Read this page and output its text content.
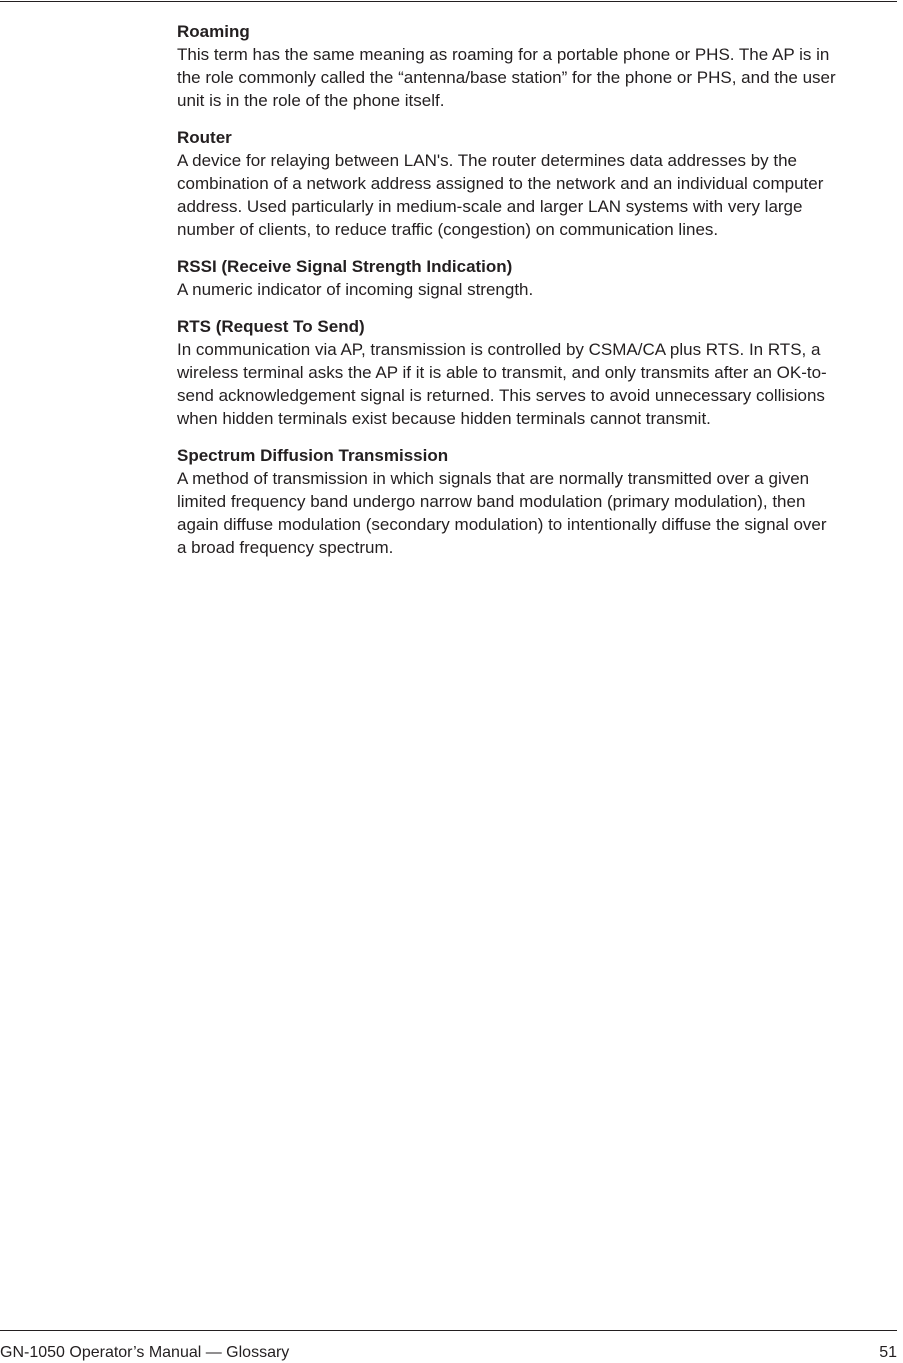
Roaming

This term has the same meaning as roaming for a portable phone or PHS. The AP is in
the role commonly called the “antenna/base station” for the phone or PHS, and the user
unit is in the role of the phone itself.

Router

A device for relaying between LAN's. The router determines data addresses by the
combination of a network address assigned to the network and an individual computer
address. Used particularly in medium-scale and larger LAN systems with very large
number of clients, to reduce traffic (congestion) on communication lines.

RSSI (Receive Signal Strength Indication)

A numeric indicator of incoming signal strength.

RTS (Request To Send)

In communication via AP, transmission is controlled by CSMA/CA plus RTS. In RTS, a
wireless terminal asks the AP if it is able to transmit, and only transmits after an OK-to-
send acknowledgement signal is returned. This serves to avoid unnecessary collisions
when hidden terminals exist because hidden terminals cannot transmit.

Spectrum Diffusion Transmission

A method of transmission in which signals that are normally transmitted over a given
limited frequency band undergo narrow band modulation (primary modulation), then
again diffuse modulation (secondary modulation) to intentionally diffuse the signal over
a broad frequency spectrum.

GN-1050 Operator’s Manual — Glossary	51
